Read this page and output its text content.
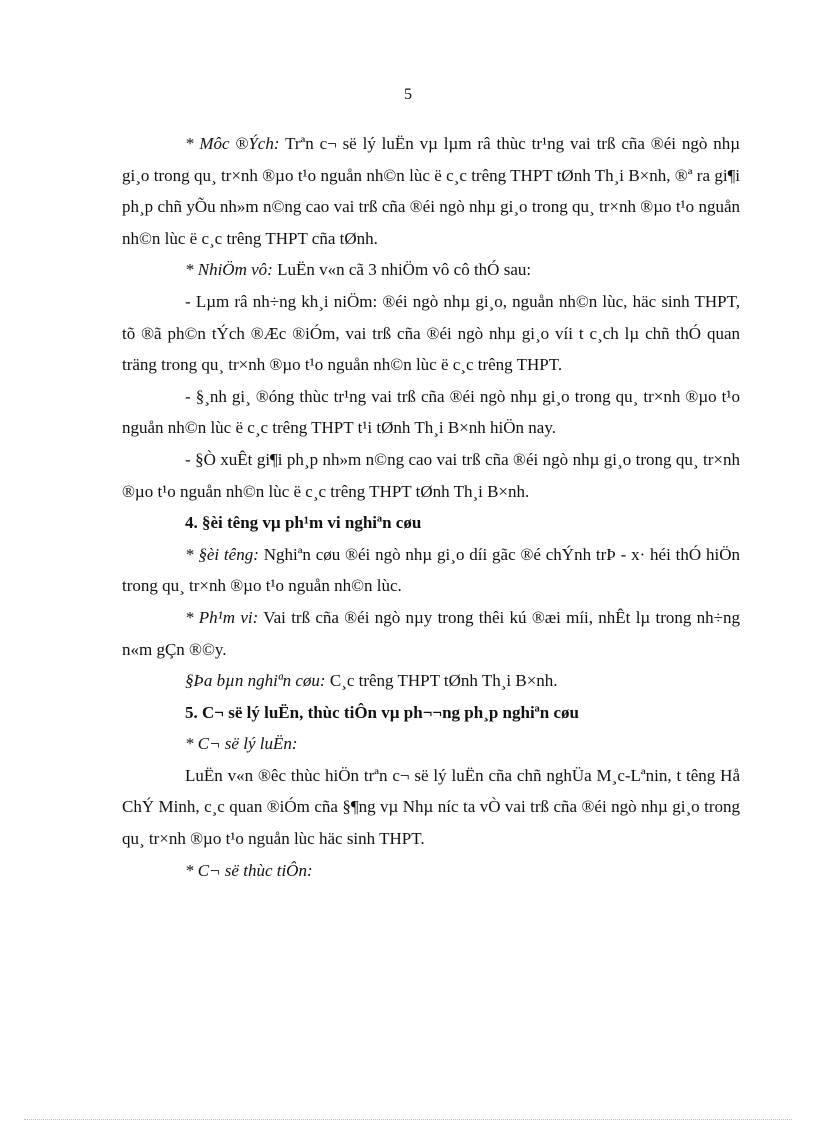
5

* Môc ®Ých: Trªn c¬ së lý luËn vµ lµm râ thùc tr¹ng vai trß cña ®éi ngò nhµ gi¸o trong qu¸ tr×nh ®µo t¹o nguån nh©n lùc ë c¸c trêng THPT tØnh Th¸i B×nh, ®ª ra gi¶i ph¸p chñ yÕu nh»m n©ng cao vai trß cña ®éi ngò nhµ gi¸o trong qu¸ tr×nh ®µo t¹o nguån nh©n lùc ë c¸c trêng THPT cña tØnh.

* NhiÖm vô: LuËn v«n cã 3 nhiÖm vô cô thÓ sau:

- Lµm râ nh÷ng kh¸i niÖm: ®éi ngò nhµ gi¸o, nguån nh©n lùc, häc sinh THPT, tõ ®ã ph©n tÝch ®Æc ®iÓm, vai trß cña ®éi ngò nhµ gi¸o víi t c¸ch lµ chñ thÓ quan träng trong qu¸ tr×nh ®µo t¹o nguån nh©n lùc ë c¸c trêng THPT.

- §¸nh gi¸ ®óng thùc tr¹ng vai trß cña ®éi ngò nhµ gi¸o trong qu¸ tr×nh ®µo t¹o nguån nh©n lùc ë c¸c trêng THPT t¹i tØnh Th¸i B×nh hiÖn nay.

- §Ò xuÊt gi¶i ph¸p nh»m n©ng cao vai trß cña ®éi ngò nhµ gi¸o trong qu¸ tr×nh ®µo t¹o nguån nh©n lùc ë c¸c trêng THPT tØnh Th¸i B×nh.

4. §èi têng vµ ph¹m vi nghiªn cøu

* §èi têng: Nghiªn cøu ®éi ngò nhµ gi¸o díi gãc ®é chÝnh trÞ - x· héi thÓ hiÖn trong qu¸ tr×nh ®µo t¹o nguån nh©n lùc.

* Ph¹m vi: Vai trß cña ®éi ngò nµy trong thêi kú ®æi míi, nhÊt lµ trong nh÷ng n«m gÇn ®©y.

§Þa bµn nghiªn cøu: C¸c trêng THPT tØnh Th¸i B×nh.

5. C¬ së lý luËn, thùc tiÔn vµ ph¬¬ng ph¸p nghiªn cøu

* C¬ së lý luËn:

LuËn v«n ®êc thùc hiÖn trªn c¬ së lý luËn cña chñ nghÜa M¸c-Lªnin, t têng Hå ChÝ Minh, c¸c quan ®iÓm cña §¶ng vµ Nhµ níc ta vÒ vai trß cña ®éi ngò nhµ gi¸o trong qu¸ tr×nh ®µo t¹o nguån lùc häc sinh THPT.

* C¬ së thùc tiÔn:
